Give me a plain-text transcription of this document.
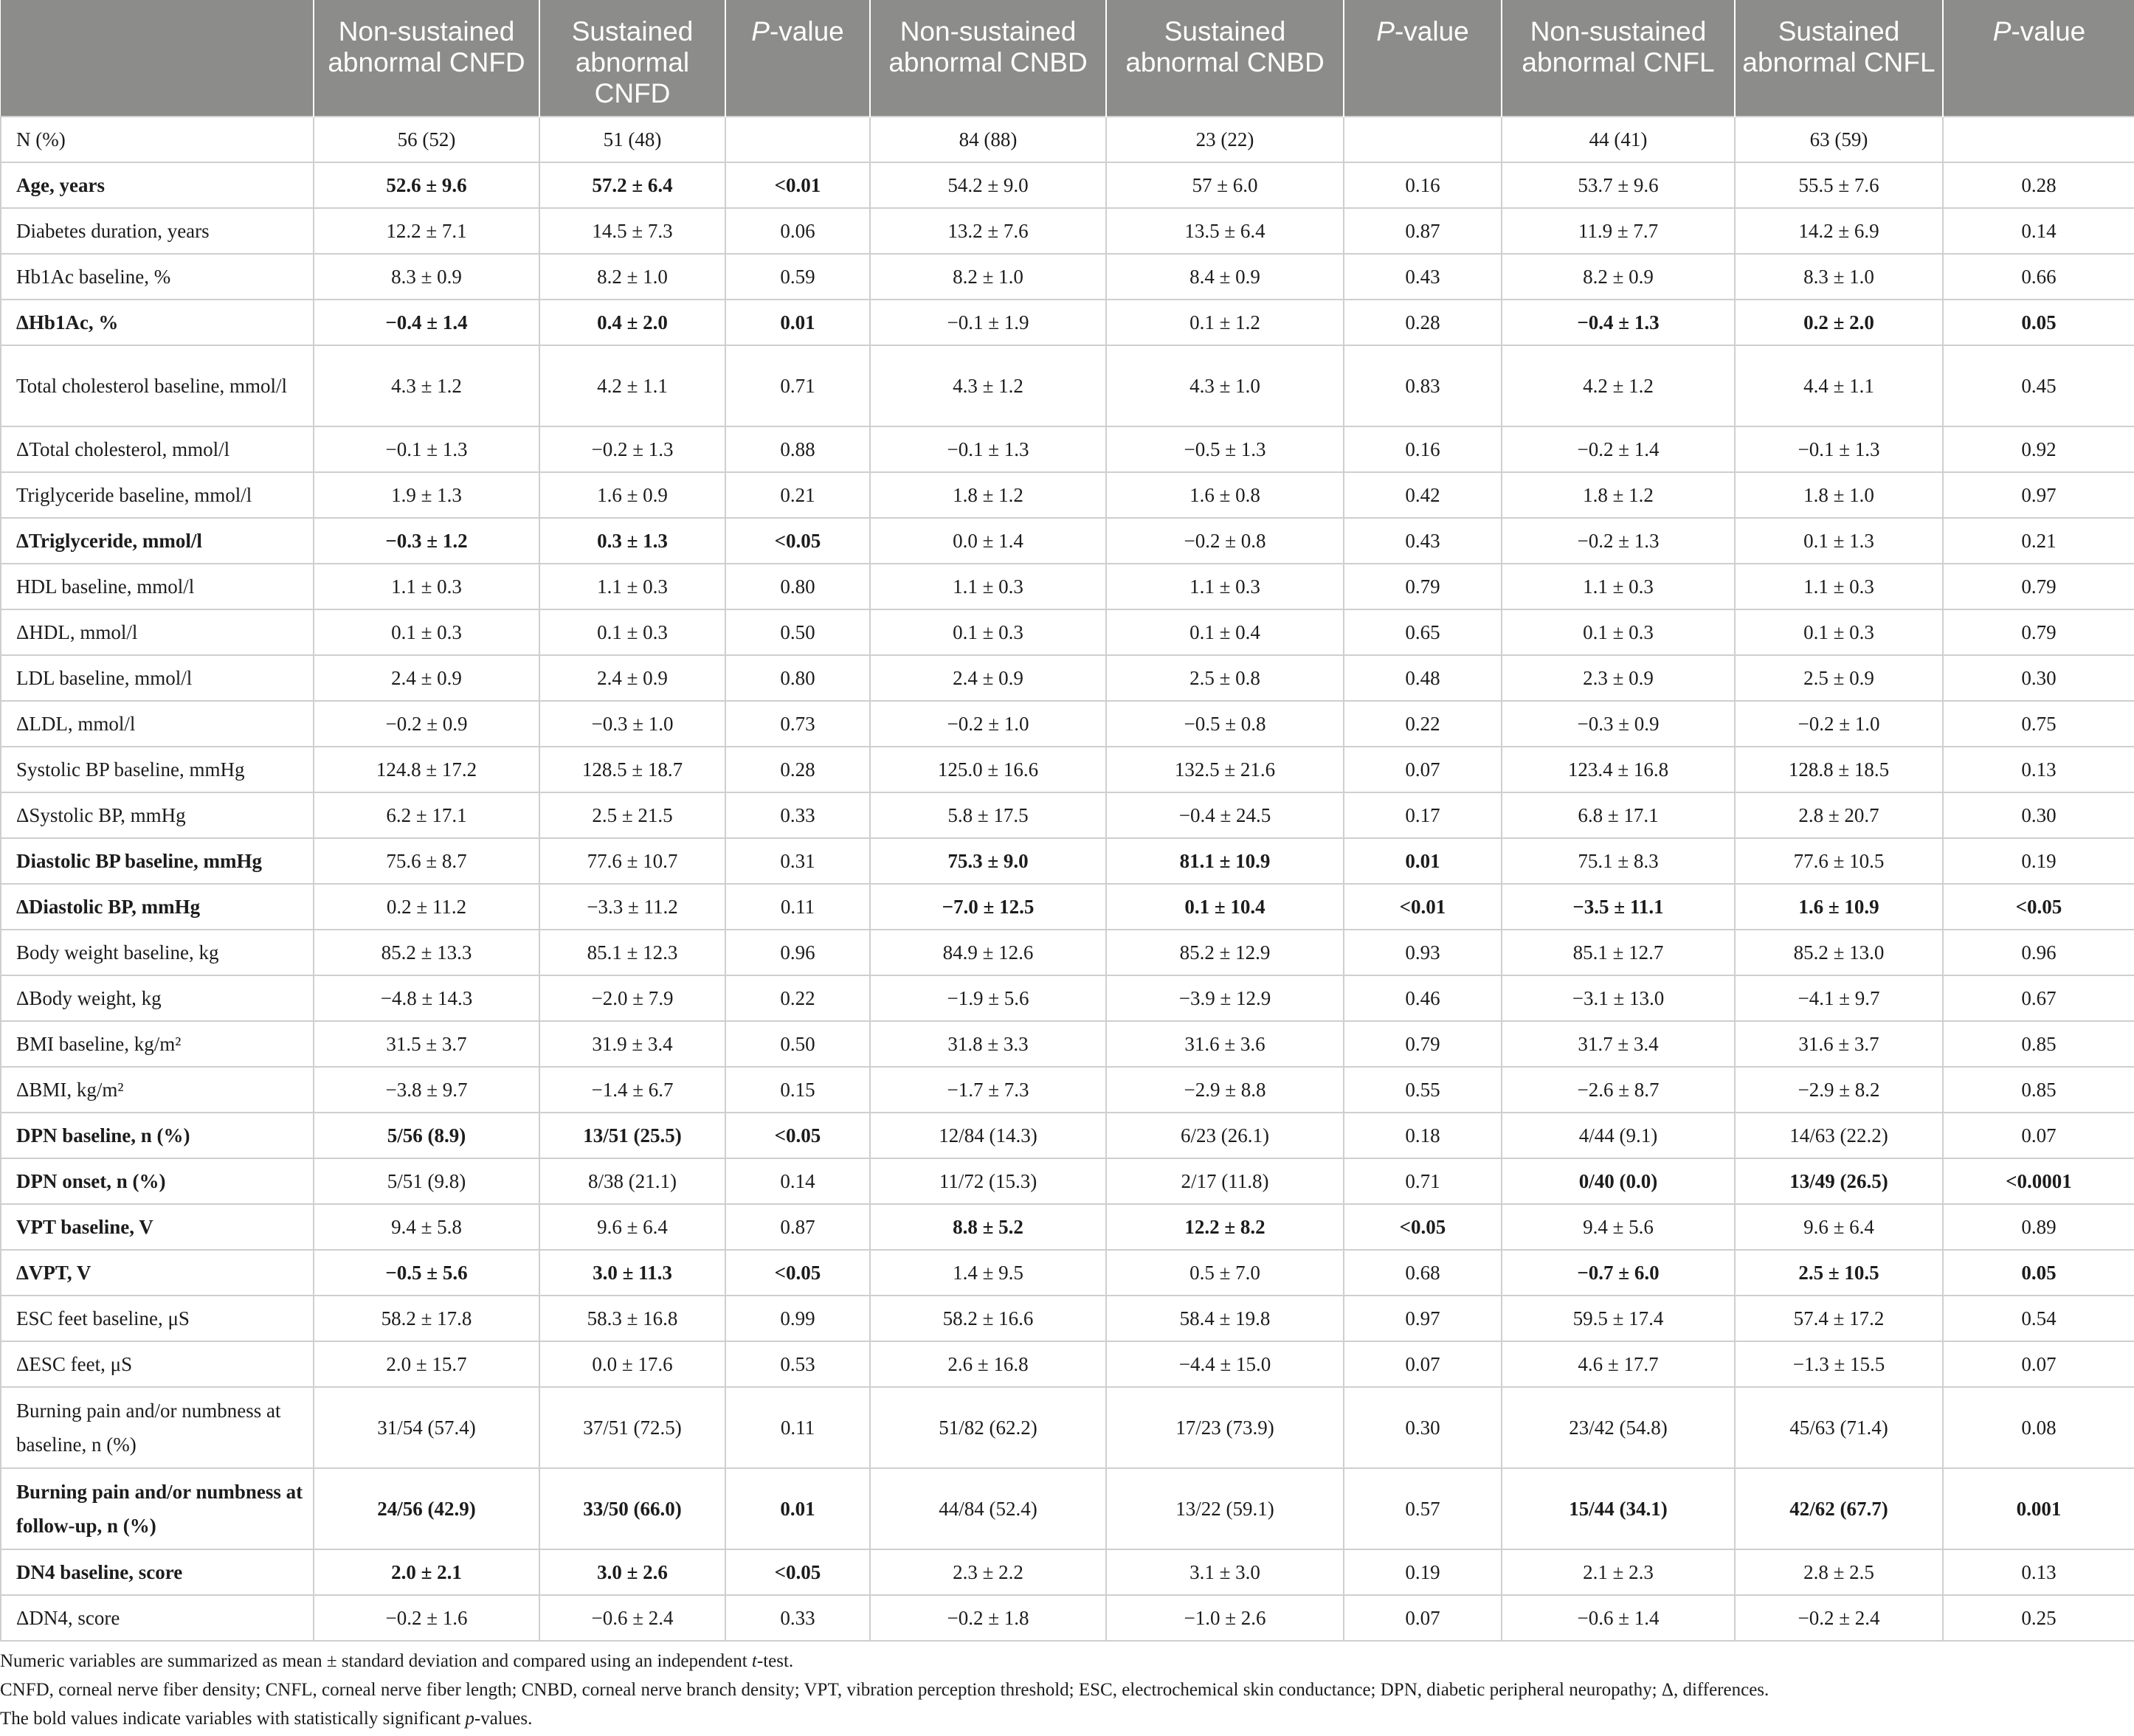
	Non-sustained abnormal CNFD	Sustained abnormal CNFD	P-value	Non-sustained abnormal CNBD	Sustained abnormal CNBD	P-value	Non-sustained abnormal CNFL	Sustained abnormal CNFL	P-value
N (%)	56 (52)	51 (48)		84 (88)	23 (22)		44 (41)	63 (59)	
Age, years	52.6 ± 9.6	57.2 ± 6.4	<0.01	54.2 ± 9.0	57 ± 6.0	0.16	53.7 ± 9.6	55.5 ± 7.6	0.28
Diabetes duration, years	12.2 ± 7.1	14.5 ± 7.3	0.06	13.2 ± 7.6	13.5 ± 6.4	0.87	11.9 ± 7.7	14.2 ± 6.9	0.14
Hb1Ac baseline, %	8.3 ± 0.9	8.2 ± 1.0	0.59	8.2 ± 1.0	8.4 ± 0.9	0.43	8.2 ± 0.9	8.3 ± 1.0	0.66
ΔHb1Ac, %	−0.4 ± 1.4	0.4 ± 2.0	0.01	−0.1 ± 1.9	0.1 ± 1.2	0.28	−0.4 ± 1.3	0.2 ± 2.0	0.05
Total cholesterol baseline, mmol/l	4.3 ± 1.2	4.2 ± 1.1	0.71	4.3 ± 1.2	4.3 ± 1.0	0.83	4.2 ± 1.2	4.4 ± 1.1	0.45
ΔTotal cholesterol, mmol/l	−0.1 ± 1.3	−0.2 ± 1.3	0.88	−0.1 ± 1.3	−0.5 ± 1.3	0.16	−0.2 ± 1.4	−0.1 ± 1.3	0.92
Triglyceride baseline, mmol/l	1.9 ± 1.3	1.6 ± 0.9	0.21	1.8 ± 1.2	1.6 ± 0.8	0.42	1.8 ± 1.2	1.8 ± 1.0	0.97
ΔTriglyceride, mmol/l	−0.3 ± 1.2	0.3 ± 1.3	<0.05	0.0 ± 1.4	−0.2 ± 0.8	0.43	−0.2 ± 1.3	0.1 ± 1.3	0.21
HDL baseline, mmol/l	1.1 ± 0.3	1.1 ± 0.3	0.80	1.1 ± 0.3	1.1 ± 0.3	0.79	1.1 ± 0.3	1.1 ± 0.3	0.79
ΔHDL, mmol/l	0.1 ± 0.3	0.1 ± 0.3	0.50	0.1 ± 0.3	0.1 ± 0.4	0.65	0.1 ± 0.3	0.1 ± 0.3	0.79
LDL baseline, mmol/l	2.4 ± 0.9	2.4 ± 0.9	0.80	2.4 ± 0.9	2.5 ± 0.8	0.48	2.3 ± 0.9	2.5 ± 0.9	0.30
ΔLDL, mmol/l	−0.2 ± 0.9	−0.3 ± 1.0	0.73	−0.2 ± 1.0	−0.5 ± 0.8	0.22	−0.3 ± 0.9	−0.2 ± 1.0	0.75
Systolic BP baseline, mmHg	124.8 ± 17.2	128.5 ± 18.7	0.28	125.0 ± 16.6	132.5 ± 21.6	0.07	123.4 ± 16.8	128.8 ± 18.5	0.13
ΔSystolic BP, mmHg	6.2 ± 17.1	2.5 ± 21.5	0.33	5.8 ± 17.5	−0.4 ± 24.5	0.17	6.8 ± 17.1	2.8 ± 20.7	0.30
Diastolic BP baseline, mmHg	75.6 ± 8.7	77.6 ± 10.7	0.31	75.3 ± 9.0	81.1 ± 10.9	0.01	75.1 ± 8.3	77.6 ± 10.5	0.19
ΔDiastolic BP, mmHg	0.2 ± 11.2	−3.3 ± 11.2	0.11	−7.0 ± 12.5	0.1 ± 10.4	<0.01	−3.5 ± 11.1	1.6 ± 10.9	<0.05
Body weight baseline, kg	85.2 ± 13.3	85.1 ± 12.3	0.96	84.9 ± 12.6	85.2 ± 12.9	0.93	85.1 ± 12.7	85.2 ± 13.0	0.96
ΔBody weight, kg	−4.8 ± 14.3	−2.0 ± 7.9	0.22	−1.9 ± 5.6	−3.9 ± 12.9	0.46	−3.1 ± 13.0	−4.1 ± 9.7	0.67
BMI baseline, kg/m²	31.5 ± 3.7	31.9 ± 3.4	0.50	31.8 ± 3.3	31.6 ± 3.6	0.79	31.7 ± 3.4	31.6 ± 3.7	0.85
ΔBMI, kg/m²	−3.8 ± 9.7	−1.4 ± 6.7	0.15	−1.7 ± 7.3	−2.9 ± 8.8	0.55	−2.6 ± 8.7	−2.9 ± 8.2	0.85
DPN baseline, n (%)	5/56 (8.9)	13/51 (25.5)	<0.05	12/84 (14.3)	6/23 (26.1)	0.18	4/44 (9.1)	14/63 (22.2)	0.07
DPN onset, n (%)	5/51 (9.8)	8/38 (21.1)	0.14	11/72 (15.3)	2/17 (11.8)	0.71	0/40 (0.0)	13/49 (26.5)	<0.0001
VPT baseline, V	9.4 ± 5.8	9.6 ± 6.4	0.87	8.8 ± 5.2	12.2 ± 8.2	<0.05	9.4 ± 5.6	9.6 ± 6.4	0.89
ΔVPT, V	−0.5 ± 5.6	3.0 ± 11.3	<0.05	1.4 ± 9.5	0.5 ± 7.0	0.68	−0.7 ± 6.0	2.5 ± 10.5	0.05
ESC feet baseline, μS	58.2 ± 17.8	58.3 ± 16.8	0.99	58.2 ± 16.6	58.4 ± 19.8	0.97	59.5 ± 17.4	57.4 ± 17.2	0.54
ΔESC feet, μS	2.0 ± 15.7	0.0 ± 17.6	0.53	2.6 ± 16.8	−4.4 ± 15.0	0.07	4.6 ± 17.7	−1.3 ± 15.5	0.07
Burning pain and/or numbness at baseline, n (%)	31/54 (57.4)	37/51 (72.5)	0.11	51/82 (62.2)	17/23 (73.9)	0.30	23/42 (54.8)	45/63 (71.4)	0.08
Burning pain and/or numbness at follow-up, n (%)	24/56 (42.9)	33/50 (66.0)	0.01	44/84 (52.4)	13/22 (59.1)	0.57	15/44 (34.1)	42/62 (67.7)	0.001
DN4 baseline, score	2.0 ± 2.1	3.0 ± 2.6	<0.05	2.3 ± 2.2	3.1 ± 3.0	0.19	2.1 ± 2.3	2.8 ± 2.5	0.13
ΔDN4, score	−0.2 ± 1.6	−0.6 ± 2.4	0.33	−0.2 ± 1.8	−1.0 ± 2.6	0.07	−0.6 ± 1.4	−0.2 ± 2.4	0.25
Numeric variables are summarized as mean ± standard deviation and compared using an independent t-test.
CNFD, corneal nerve fiber density; CNFL, corneal nerve fiber length; CNBD, corneal nerve branch density; VPT, vibration perception threshold; ESC, electrochemical skin conductance; DPN, diabetic peripheral neuropathy; Δ, differences.
The bold values indicate variables with statistically significant p-values.
